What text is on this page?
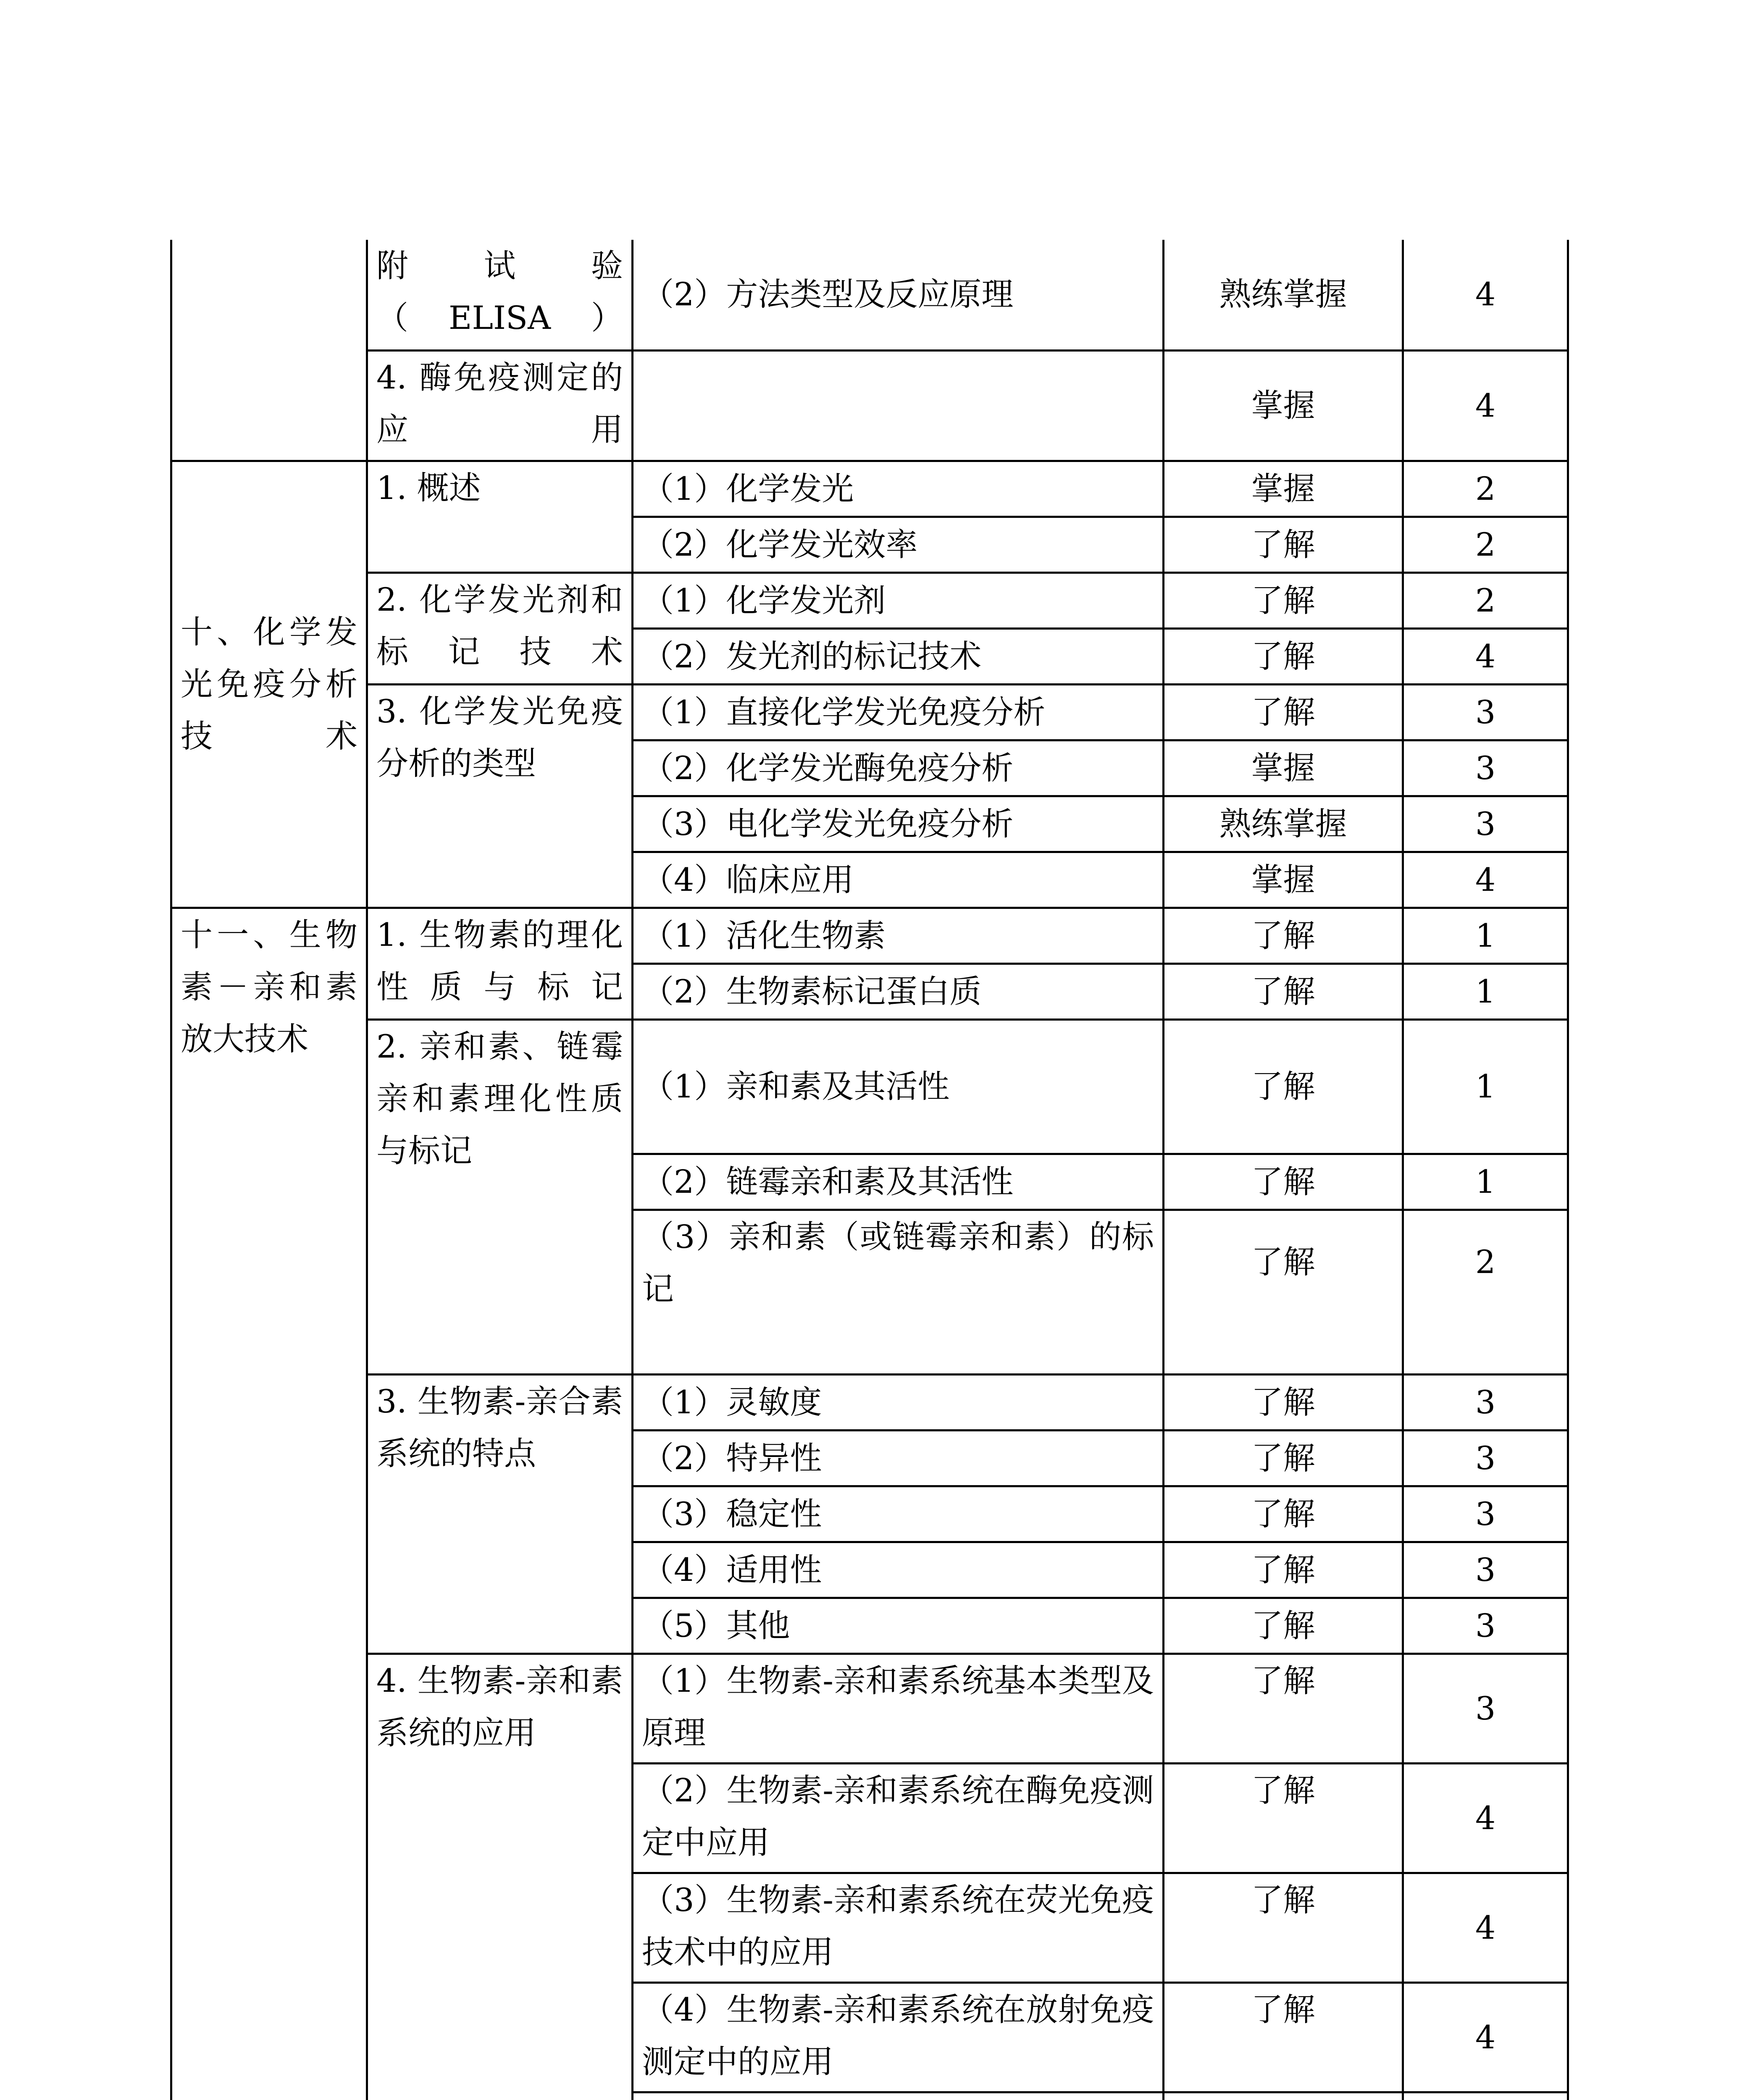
	附 试 验（ELISA）	（2）方法类型及反应原理	熟练掌握	4
	4. 酶免疫测定的应用		掌握	4
十、化学发光免疫分析技术	1. 概述	（1）化学发光	掌握	2
		（2）化学发光效率	了解	2
	2. 化学发光剂和标记技术	（1）化学发光剂	了解	2
		（2）发光剂的标记技术	了解	4
	3. 化学发光免疫分析的类型	（1）直接化学发光免疫分析	了解	3
		（2）化学发光酶免疫分析	掌握	3
		（3）电化学发光免疫分析	熟练掌握	3
		（4）临床应用	掌握	4
十一、生物素－亲和素放大技术	1. 生物素的理化性质与标记	（1）活化生物素	了解	1
		（2）生物素标记蛋白质	了解	1
	2. 亲和素、链霉亲和素理化性质与标记	（1）亲和素及其活性	了解	1
		（2）链霉亲和素及其活性	了解	1
		（3）亲和素（或链霉亲和素）的标记	了解	2
	3. 生物素-亲合素系统的特点	（1）灵敏度	了解	3
		（2）特异性	了解	3
		（3）稳定性	了解	3
		（4）适用性	了解	3
		（5）其他	了解	3
	4. 生物素-亲和素系统的应用	（1）生物素-亲和素系统基本类型及原理	了解	3
		（2）生物素-亲和素系统在酶免疫测定中应用	了解	4
		（3）生物素-亲和素系统在荧光免疫技术中的应用	了解	4
		（4）生物素-亲和素系统在放射免疫测定中的应用	了解	4
